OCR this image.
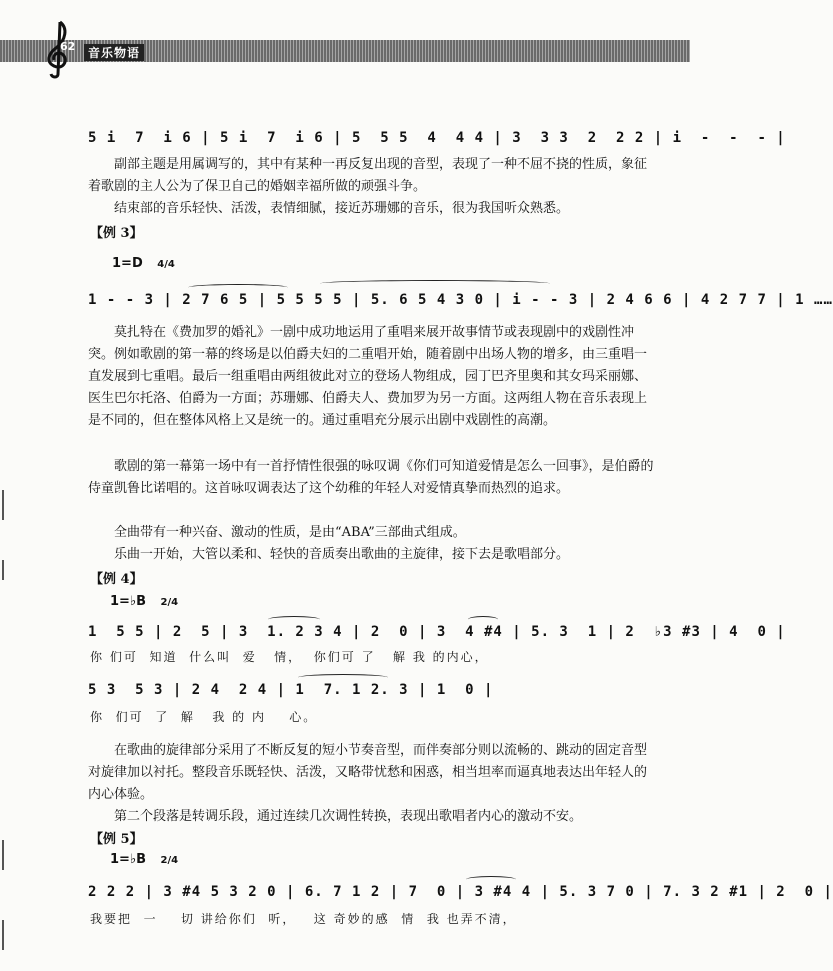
62	音乐物语
5 i  7  i 6 | 5 i  7  i 6 | 5  5 5  4  4 4 | 3  3 3  2  2 2 | i  -  -  - |

副部主题是用属调写的，其中有某种一再反复出现的音型，表现了一种不屈不挠的性质，象征着歌剧的主人公为了保卫自己的婚姻幸福所做的顽强斗争。

结束部的音乐轻快、活泼，表情细腻，接近苏珊娜的音乐，很为我国听众熟悉。

【例 3】
1=D 4/4
1 - - 3 | 2 7 6 5 | 5 5 5 5 | 5. 6 5 4 3 0 | i - - 3 | 2 4 6 6 | 4 2 7 7 | 1 ……

莫扎特在《费加罗的婚礼》一剧中成功地运用了重唱来展开故事情节或表现剧中的戏剧性冲突。例如歌剧的第一幕的终场是以伯爵夫妇的二重唱开始，随着剧中出场人物的增多，由三重唱一直发展到七重唱。最后一组重唱由两组彼此对立的登场人物组成，园丁巴齐里奥和其女玛采丽娜、医生巴尔托洛、伯爵为一方面；苏珊娜、伯爵夫人、费加罗为另一方面。这两组人物在音乐表现上是不同的，但在整体风格上又是统一的。通过重唱充分展示出剧中戏剧性的高潮。

歌剧的第一幕第一场中有一首抒情性很强的咏叹调《你们可知道爱情是怎么一回事》，是伯爵的侍童凯鲁比诺唱的。这首咏叹调表达了这个幼稚的年轻人对爱情真挚而热烈的追求。

全曲带有一种兴奋、激动的性质，是由“ABA”三部曲式组成。

乐曲一开始，大管以柔和、轻快的音质奏出歌曲的主旋律，接下去是歌唱部分。

【例 4】
1=♭B 2/4
1  5 5 | 2  5 | 3  1. 2 3 4 | 2  0 | 3  4 #4 | 5. 3  1 | 2  ♭3 #3 | 4  0 |
你 们可  知道  什么叫  爱   情，  你们可 了   解 我 的内心，
5 3  5 3 | 2 4  2 4 | 1  7. 1 2. 3 | 1  0 |
你  们可  了  解   我 的 内    心。

在歌曲的旋律部分采用了不断反复的短小节奏音型，而伴奏部分则以流畅的、跳动的固定音型对旋律加以衬托。整段音乐既轻快、活泼，又略带忧愁和困惑，相当坦率而逼真地表达出年轻人的内心体验。

第二个段落是转调乐段，通过连续几次调性转换，表现出歌唱者内心的激动不安。

【例 5】
1=♭B 2/4
2 2 2 | 3 #4 5 3 2 0 | 6. 7 1 2 | 7  0 | 3 #4 4 | 5. 3 7 0 | 7. 3 2 #1 | 2  0 |
我要把  一    切 讲给你们  听，   这 奇妙的感  情  我 也弄不清，
